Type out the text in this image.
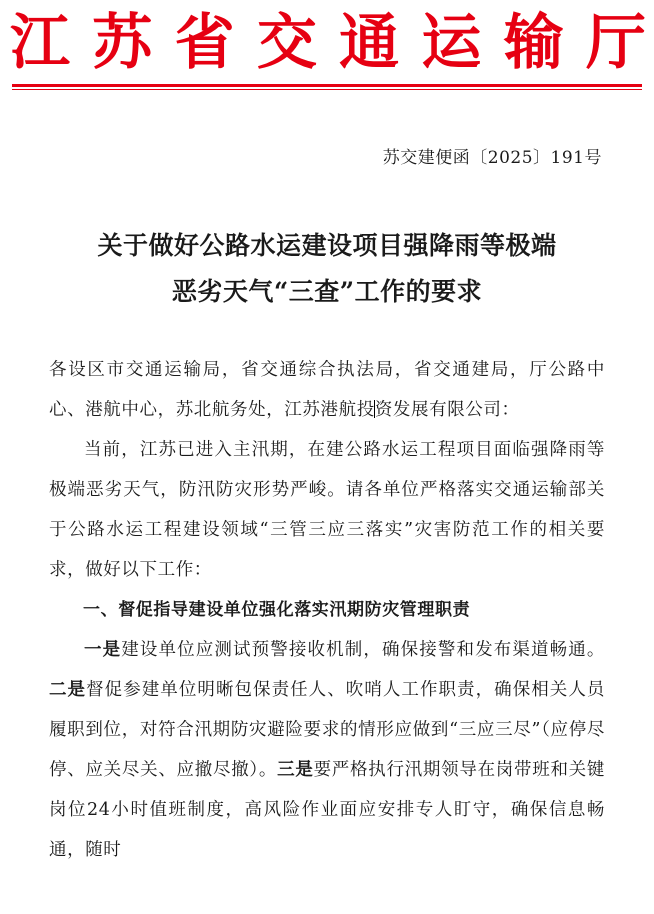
江 苏 省 交 通 运 输 厅
苏交建便函〔2025〕191号
关于做好公路水运建设项目强降雨等极端
恶劣天气“三查”工作的要求

各设区市交通运输局，省交通综合执法局，省交通建局，厅公路中心、港航中心，苏北航务处，江苏港航投资发展有限公司：

当前，江苏已进入主汛期，在建公路水运工程项目面临强降雨等极端恶劣天气，防汛防灾形势严峻。请各单位严格落实交通运输部关于公路水运工程建设领域“三管三应三落实”灾害防范工作的相关要求，做好以下工作：

一、督促指导建设单位强化落实汛期防灾管理职责

一是建设单位应测试预警接收机制，确保接警和发布渠道畅通。二是督促参建单位明晰包保责任人、吹哨人工作职责，确保相关人员履职到位，对符合汛期防灾避险要求的情形应做到“三应三尽”（应停尽停、应关尽关、应撤尽撤）。三是要严格执行汛期领导在岗带班和关键岗位24小时值班制度，高风险作业面应安排专人盯守，确保信息畅通，随时
